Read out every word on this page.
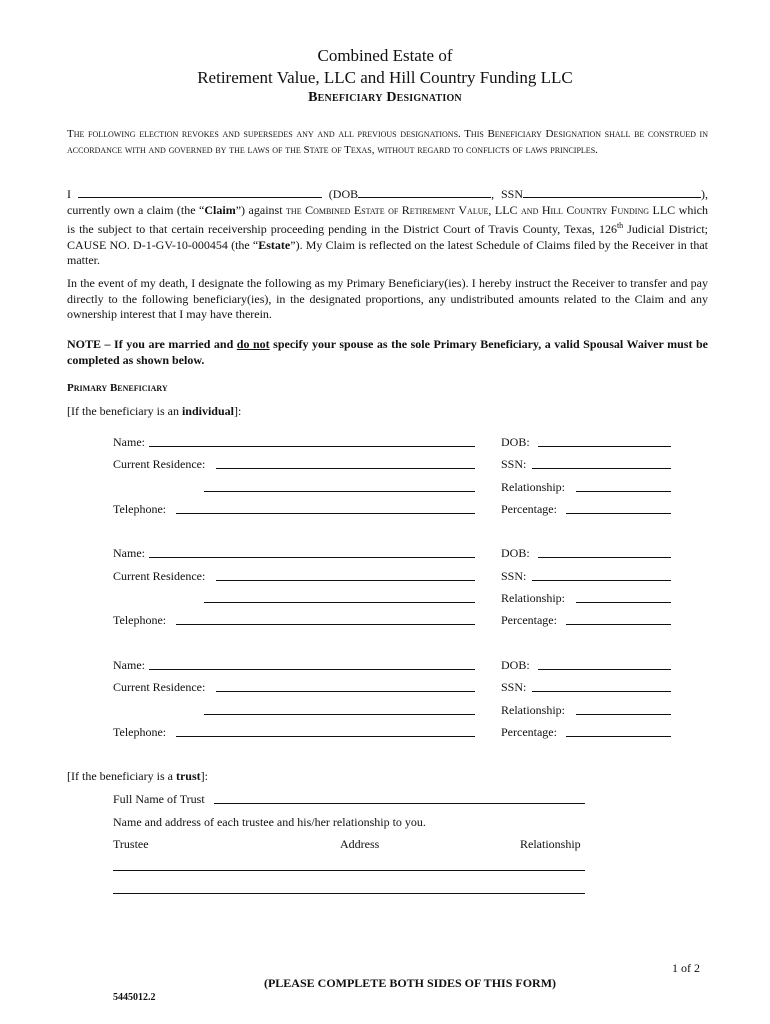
Combined Estate of
Retirement Value, LLC and Hill Country Funding LLC
Beneficiary Designation

The following election revokes and supersedes any and all previous designations. This Beneficiary Designation shall be construed in accordance with and governed by the laws of the State of Texas, without regard to conflicts of laws principles.

I	(DOB	, SSN	), currently own a claim (the “Claim”) against the Combined Estate of Retirement Value, LLC and Hill Country Funding LLC which is the subject to that certain receivership proceeding pending in the District Court of Travis County, Texas, 126th Judicial District; CAUSE NO. D-1-GV-10-000454 (the “Estate”). My Claim is reflected on the latest Schedule of Claims filed by the Receiver in that matter.

In the event of my death, I designate the following as my Primary Beneficiary(ies). I hereby instruct the Receiver to transfer and pay directly to the following beneficiary(ies), in the designated proportions, any undistributed amounts related to the Claim and any ownership interest that I may have therein.

NOTE – If you are married and do not specify your spouse as the sole Primary Beneficiary, a valid Spousal Waiver must be completed as shown below.

Primary Beneficiary
[If the beneficiary is an individual]:
Name:	DOB:
Current Residence:	SSN:
Relationship:
Telephone:	Percentage:
Name:	DOB:
Current Residence:	SSN:
Relationship:
Telephone:	Percentage:
Name:	DOB:
Current Residence:	SSN:
Relationship:
Telephone:	Percentage:
[If the beneficiary is a trust]:
Full Name of Trust
Name and address of each trustee and his/her relationship to you.
Trustee	Address	Relationship
1 of 2
(PLEASE COMPLETE BOTH SIDES OF THIS FORM)
5445012.2
